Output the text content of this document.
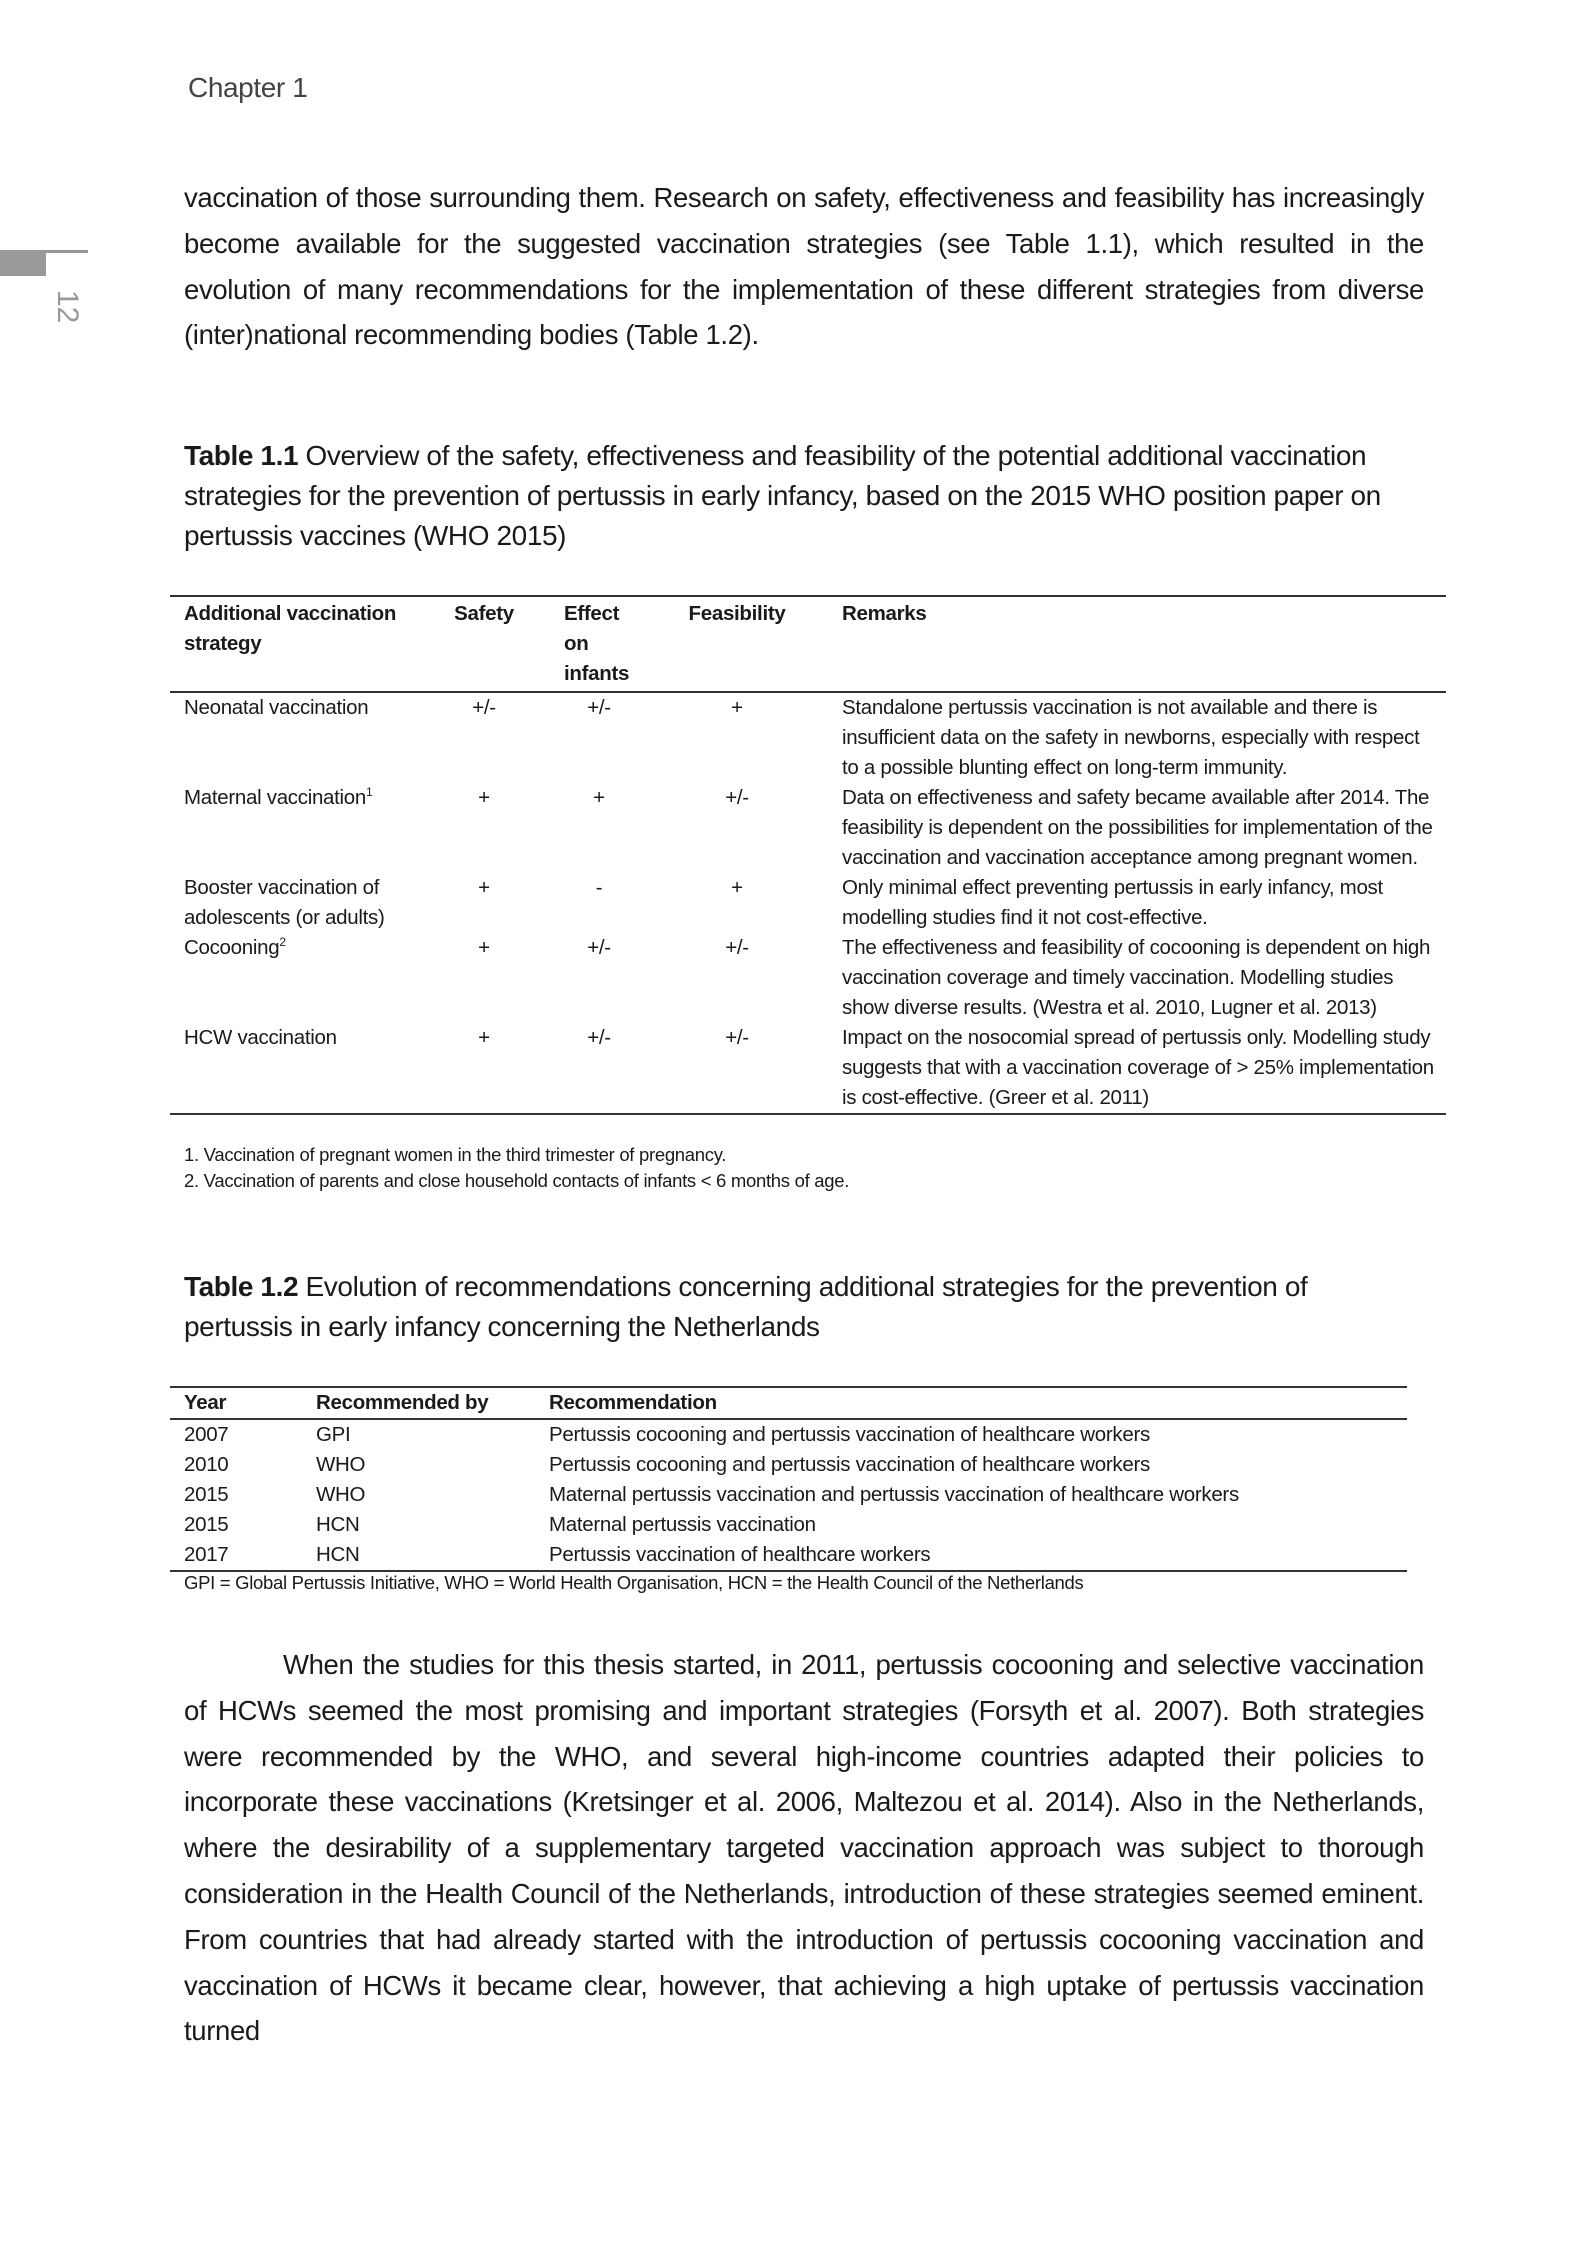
Chapter 1
12
vaccination of those surrounding them. Research on safety, effectiveness and feasibility has increasingly become available for the suggested vaccination strategies (see Table 1.1), which resulted in the evolution of many recommendations for the implementation of these different strategies from diverse (inter)national recommending bodies (Table 1.2).
Table 1.1 Overview of the safety, effectiveness and feasibility of the potential additional vaccination strategies for the prevention of pertussis in early infancy, based on the 2015 WHO position paper on pertussis vaccines (WHO 2015)
Additional vaccination strategy	Safety	Effect on infants	Feasibility	Remarks
Neonatal vaccination	+/-	+/-	+	Standalone pertussis vaccination is not available and there is insufficient data on the safety in newborns, especially with respect to a possible blunting effect on long-term immunity.
Maternal vaccination$^1$	+	+	+/-	Data on effectiveness and safety became available after 2014. The feasibility is dependent on the possibilities for implementation of the vaccination and vaccination acceptance among pregnant women.
Booster vaccination of adolescents (or adults)	+	-	+	Only minimal effect preventing pertussis in early infancy, most modelling studies find it not cost-effective.
Cocooning$^2$	+	+/-	+/-	The effectiveness and feasibility of cocooning is dependent on high vaccination coverage and timely vaccination. Modelling studies show diverse results. (Westra et al. 2010, Lugner et al. 2013)
HCW vaccination	+	+/-	+/-	Impact on the nosocomial spread of pertussis only. Modelling study suggests that with a vaccination coverage of > 25% implementation is cost-effective. (Greer et al. 2011)
1. Vaccination of pregnant women in the third trimester of pregnancy.
2. Vaccination of parents and close household contacts of infants < 6 months of age.
Table 1.2 Evolution of recommendations concerning additional strategies for the prevention of pertussis in early infancy concerning the Netherlands
Year	Recommended by	Recommendation
2007	GPI	Pertussis cocooning and pertussis vaccination of healthcare workers
2010	WHO	Pertussis cocooning and pertussis vaccination of healthcare workers
2015	WHO	Maternal pertussis vaccination and pertussis vaccination of healthcare workers
2015	HCN	Maternal pertussis vaccination
2017	HCN	Pertussis vaccination of healthcare workers
GPI = Global Pertussis Initiative, WHO = World Health Organisation, HCN = the Health Council of the Netherlands
When the studies for this thesis started, in 2011, pertussis cocooning and selective vaccination of HCWs seemed the most promising and important strategies (Forsyth et al. 2007). Both strategies were recommended by the WHO, and several high-income countries adapted their policies to incorporate these vaccinations (Kretsinger et al. 2006, Maltezou et al. 2014). Also in the Netherlands, where the desirability of a supplementary targeted vaccination approach was subject to thorough consideration in the Health Council of the Netherlands, introduction of these strategies seemed eminent. From countries that had already started with the introduction of pertussis cocooning vaccination and vaccination of HCWs it became clear, however, that achieving a high uptake of pertussis vaccination turned
